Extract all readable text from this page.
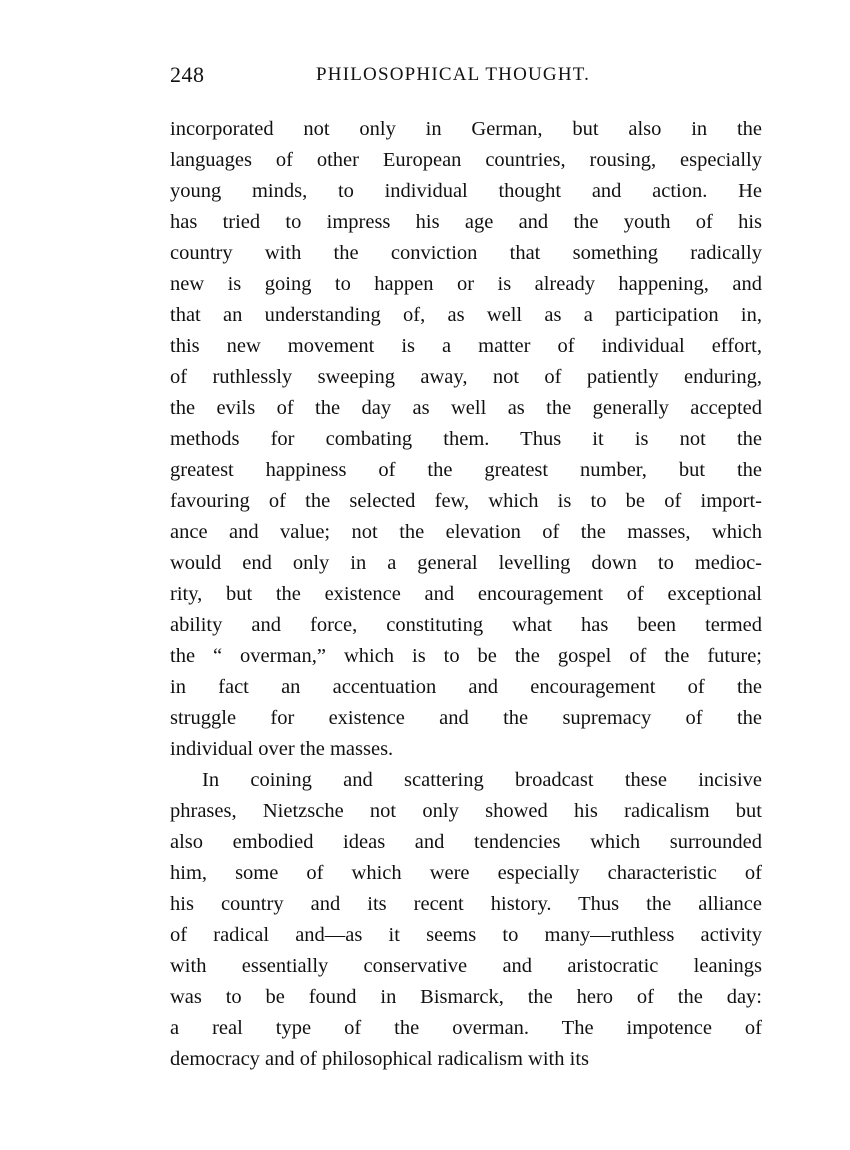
248	PHILOSOPHICAL THOUGHT.
incorporated not only in German, but also in the
languages of other European countries, rousing, especially
young minds, to individual thought and action. He
has tried to impress his age and the youth of his
country with the conviction that something radically
new is going to happen or is already happening, and
that an understanding of, as well as a participation in,
this new movement is a matter of individual effort,
of ruthlessly sweeping away, not of patiently enduring,
the evils of the day as well as the generally accepted
methods for combating them. Thus it is not the
greatest happiness of the greatest number, but the
favouring of the selected few, which is to be of import-
ance and value; not the elevation of the masses, which
would end only in a general levelling down to medioc-
rity, but the existence and encouragement of exceptional
ability and force, constituting what has been termed
the “ overman,” which is to be the gospel of the future;
in fact an accentuation and encouragement of the
struggle for existence and the supremacy of the
individual over the masses.
In coining and scattering broadcast these incisive
phrases, Nietzsche not only showed his radicalism but
also embodied ideas and tendencies which surrounded
him, some of which were especially characteristic of
his country and its recent history. Thus the alliance
of radical and—as it seems to many—ruthless activity
with essentially conservative and aristocratic leanings
was to be found in Bismarck, the hero of the day:
a real type of the overman. The impotence of
democracy and of philosophical radicalism with its
